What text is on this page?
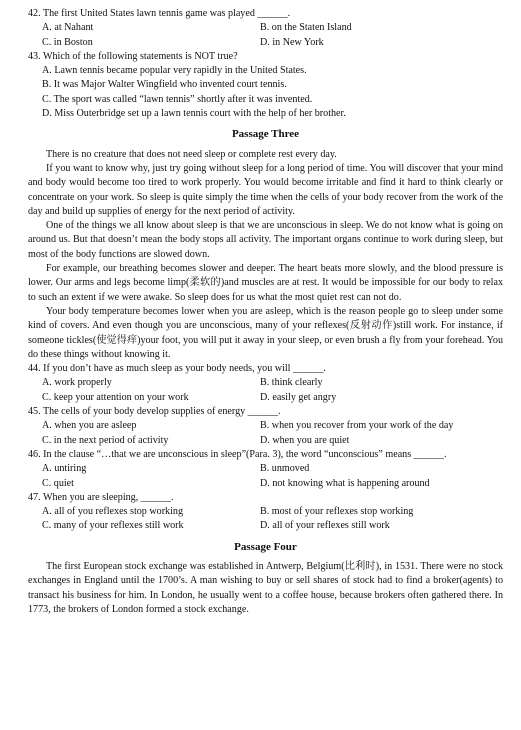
42. The first United States lawn tennis game was played ______.

A. at Nahant	B. on the Staten Island
C. in Boston	D. in New York

43. Which of the following statements is NOT true?

A. Lawn tennis became popular very rapidly in the United States.
B. It was Major Walter Wingfield who invented court tennis.
C. The sport was called “lawn tennis” shortly after it was invented.
D. Miss Outerbridge set up a lawn tennis court with the help of her brother.
Passage Three

There is no creature that does not need sleep or complete rest every day.

If you want to know why, just try going without sleep for a long period of time. You will discover that your mind and body would become too tired to work properly. You would become irritable and find it hard to think clearly or concentrate on your work. So sleep is quite simply the time when the cells of your body recover from the work of the day and build up supplies of energy for the next period of activity.

One of the things we all know about sleep is that we are unconscious in sleep. We do not know what is going on around us. But that doesn’t mean the body stops all activity. The important organs continue to work during sleep, but most of the body functions are slowed down.

For example, our breathing becomes slower and deeper. The heart beats more slowly, and the blood pressure is lower. Our arms and legs become limp(柔软的)and muscles are at rest. It would be impossible for our body to relax to such an extent if we were awake. So sleep does for us what the most quiet rest can not do.

Your body temperature becomes lower when you are asleep, which is the reason people go to sleep under some kind of covers. And even though you are unconscious, many of your reflexes(反射动作)still work. For instance, if someone tickles(使觉得痒)your foot, you will put it away in your sleep, or even brush a fly from your forehead. You do these things without knowing it.

44. If you don’t have as much sleep as your body needs, you will ______.

A. work properly	B. think clearly
C. keep your attention on your work	D. easily get angry

45. The cells of your body develop supplies of energy ______.

A. when you are asleep	B. when you recover from your work of the day
C. in the next period of activity	D. when you are quiet

46. In the clause “…that we are unconscious in sleep”(Para. 3), the word “unconscious” means ______.

A. untiring	B. unmoved
C. quiet	D. not knowing what is happening around

47. When you are sleeping, ______.

A. all of you reflexes stop working	B. most of your reflexes stop working
C. many of your reflexes still work	D. all of your reflexes still work
Passage Four

The first European stock exchange was established in Antwerp, Belgium(比利时), in 1531. There were no stock exchanges in England until the 1700’s. A man wishing to buy or sell shares of stock had to find a broker(agents) to transact his business for him. In London, he usually went to a coffee house, because brokers often gathered there. In 1773, the brokers of London formed a stock exchange.
